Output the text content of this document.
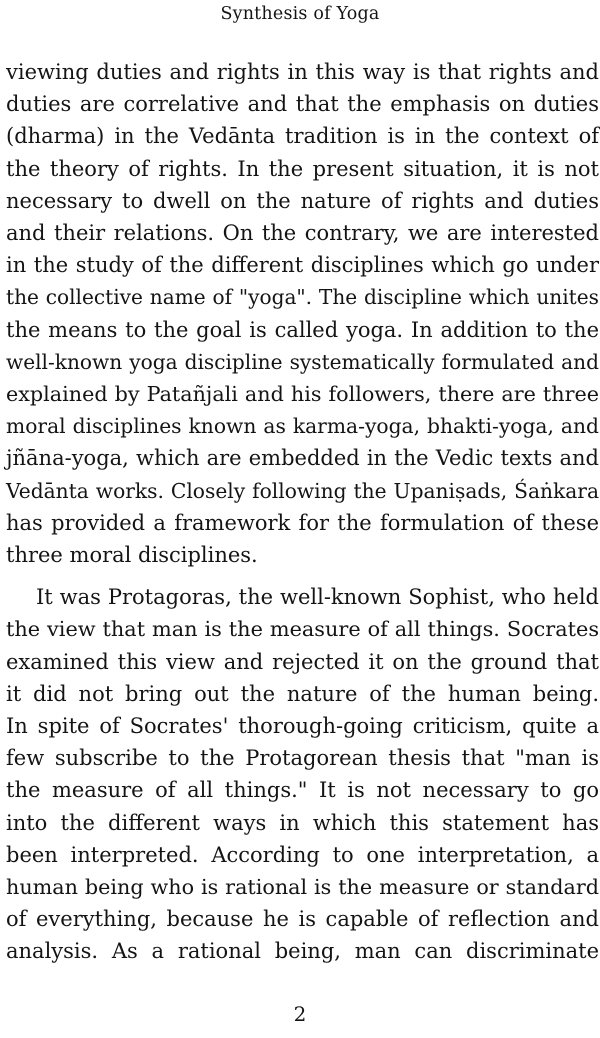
Synthesis of Yoga
viewing duties and rights in this way is that rights and
duties are correlative and that the emphasis on duties
(dharma) in the Vedānta tradition is in the context of
the theory of rights. In the present situation, it is not
necessary to dwell on the nature of rights and duties
and their relations. On the contrary, we are interested
in the study of the different disciplines which go under
the collective name of "yoga". The discipline which unites
the means to the goal is called yoga. In addition to the
well-known yoga discipline systematically formulated and
explained by Patañjali and his followers, there are three
moral disciplines known as karma-yoga, bhakti-yoga, and
jñāna-yoga, which are embedded in the Vedic texts and
Vedānta works. Closely following the Upaniṣads, Śaṅkara
has provided a framework for the formulation of these
three moral disciplines.
It was Protagoras, the well-known Sophist, who held
the view that man is the measure of all things. Socrates
examined this view and rejected it on the ground that
it did not bring out the nature of the human being.
In spite of Socrates' thorough-going criticism, quite a
few subscribe to the Protagorean thesis that "man is
the measure of all things." It is not necessary to go
into the different ways in which this statement has
been interpreted. According to one interpretation, a
human being who is rational is the measure or standard
of everything, because he is capable of reflection and
analysis. As a rational being, man can discriminate
2
